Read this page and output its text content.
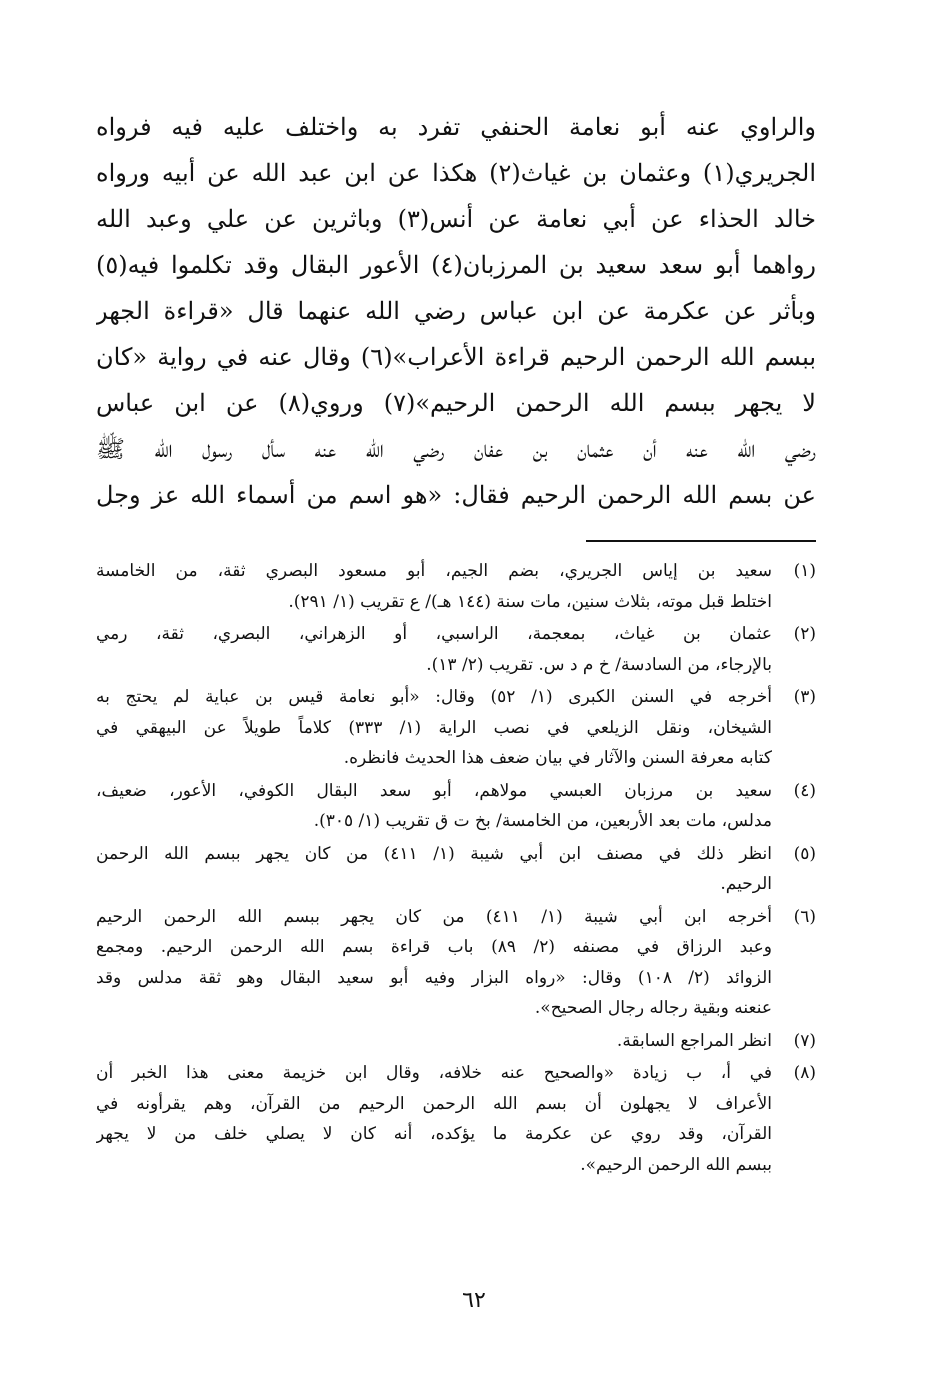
والراوي عنه أبو نعامة الحنفي تفرد به واختلف عليه فيه فرواه
الجريري(١) وعثمان بن غياث(٢) هكذا عن ابن عبد الله عن أبيه ورواه
خالد الحذاء عن أبي نعامة عن أنس(٣) وباثرين عن علي وعبد الله
رواهما أبو سعد سعيد بن المرزبان(٤) الأعور البقال وقد تكلموا فيه(٥)
وبأثر عن عكرمة عن ابن عباس رضي الله عنهما قال «قراءة الجهر
ببسم الله الرحمن الرحيم قراءة الأعراب»(٦) وقال عنه في رواية «كان
لا يجهر ببسم الله الرحمن الرحيم»(٧) وروي(٨) عن ابن عباس
رضي الله عنه أن عثمان بن عفان رضي الله عنه سأل رسول الله ﷺ
عن بسم الله الرحمن الرحيم فقال: «هو اسم من أسماء الله عز وجل
(١)
سعيد بن إياس الجريري، بضم الجيم، أبو مسعود البصري ثقة، من الخامسة
اختلط قبل موته، بثلاث سنين، مات سنة (١٤٤ هـ)/ ع تقريب (١/ ٢٩١).
(٢)
عثمان بن غياث، بمعجمة، الراسبي، أو الزهراني، البصري، ثقة، رمي
بالإرجاء، من السادسة/ خ م د س. تقريب (٢/ ١٣).
(٣)
أخرجه في السنن الكبرى (١/ ٥٢) وقال: «أبو نعامة قيس بن عباية لم يحتج به
الشيخان، ونقل الزيلعي في نصب الراية (١/ ٣٣٣) كلاماً طويلاً عن البيهقي في
كتابه معرفة السنن والآثار في بيان ضعف هذا الحديث فانظره.
(٤)
سعيد بن مرزبان العبسي مولاهم، أبو سعد البقال الكوفي، الأعور، ضعيف،
مدلس، مات بعد الأربعين، من الخامسة/ بخ ت ق تقريب (١/ ٣٠٥).
(٥)
انظر ذلك في مصنف ابن أبي شيبة (١/ ٤١١) من كان يجهر ببسم الله الرحمن
الرحيم.
(٦)
أخرجه ابن أبي شيبة (١/ ٤١١) من كان يجهر ببسم الله الرحمن الرحيم
وعبد الرزاق في مصنفه (٢/ ٨٩) باب قراءة بسم الله الرحمن الرحيم. ومجمع
الزوائد (٢/ ١٠٨) وقال: «رواه البزار وفيه أبو سعيد البقال وهو ثقة مدلس وقد
عنعنه وبقية رجاله رجال الصحيح».
(٧)
انظر المراجع السابقة.
(٨)
في أ، ب زيادة «والصحيح عنه خلافه، وقال ابن خزيمة معنى هذا الخبر أن
الأعراف لا يجهلون أن بسم الله الرحمن الرحيم من القرآن، وهم يقرأونه في
القرآن، وقد روي عن عكرمة ما يؤكده، أنه كان لا يصلي خلف من لا يجهر
ببسم الله الرحمن الرحيم».
٦٢
